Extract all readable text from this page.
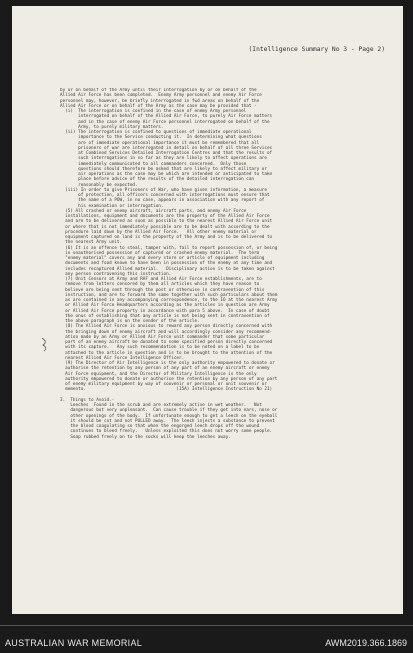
(Intelligence Summary No 3 - Page 2)
by or on behalf of the Army until their interrogation by or on behalf of the
Allied Air Force has been completed.  Enemy Army personnel and enemy Air Force
personnel may, however, be briefly interrogated in fwd areas on behalf of the
Allied Air Force or on behalf of the Army as the case may be provided that -
(i)  The interrogation is confined in the case of enemy Army personnel
interrogated on behalf of the Allied Air Force, to purely Air Force matters
and in the case of enemy Air Force personnel interrogated on behalf of the
Army, to purely military matters.
(ii) The interrogation is confined to questions of immediate operational
importance to the Service conducting it.  In determining what questions
are of immediate operational importance it must be remembered that all
prisoners of war are interrogated in detail on behalf of all three Services
at Combined Services Detailed Interrogation Centres and that the results of
such interrogations in so far as they are likely to affect operations are
immediately communicated to all commanders concerned.  Only those
questions should therefore be asked that are likely to affect military or
air operations as the case may be which are intended or anticipated to take
place before advice of the results of the detailed interrogation can
reasonably be expected.
(iii) In order to give Prisoners of War, who have given information, a measure
of protection, all officers concerned with interrogations must ensure that
the name of a POW, in no case, appears in association with any report of
his examination or interrogation.
(5) All crashed or enemy aircraft, aircraft parts, and enemy Air Force
installations, equipment and documents are the property of the Allied Air Force
and are to be delivered as soon as possible to the nearest Allied Air Force unit
or where that is not immediately possible are to be dealt with according to the
procedure laid down by the Allied Air Force.   All other enemy material or
equipment captured on land is the property of the Army and is to be delivered to
the nearest Army unit.
(6) It is an offence to steal, tamper with, fail to report possession of, or being
in unauthorised possession of captured or crashed enemy material.  The term
"enemy material" covers any and every store or article of equipment including
documents and food known to have been in possession of the enemy at any time and
includes recaptured Allied material.   Disciplinary action is to be taken against
any person contravening this instruction.
(7) Unit Censors at Army and RAF and Allied Air Force establishments, are to
remove from letters censored by them all articles which they have reason to
believe are being sent through the post or otherwise in contravention of this
instruction, and are to forward the same together with such particulars about them
as are contained in any accompanying correspondence, to the IO at the nearest Army
or Allied Air Force Headquarters according as the articles in question are Army
or Allied Air Force property in accordance with para 5 above.  In case of doubt
the onus of establishing that any article is not being sent in contravention of
the above paragraph is on the sender of the article.
(8) The Allied Air Force is anxious to reward any person directly concerned with
the bringing down of enemy aircraft and will accordingly consider any recommend-
ation made by an Army or Allied Air Force unit commander that some particular
part of an enemy aircraft be donated to some specified person directly concerned
with its capture.   Any such recommendation is to be noted on a label to be
attached to the article in question and is to be brought to the attention of the
nearest Allied Air Force Intelligence Officer.
(9) The Director of Air Intelligence is the only authority empowered to donate or
authorise the retention by any person of any part of an enemy aircraft or enemy
Air Force equipment, and the Director of Military Intelligence is the only
authority empowered to donate or authorise the retention by any person of any part
of enemy military equipment by way of souvenir or personal or unit souvenir or
memento.                                   (15A) Intelligence Instruction No 21)
3.  Things to Avoid.-
Leeches  Found in the scrub and are extremely active in wet weather.   Not
dangerous but very unpleasant.  Can cause trouble if they get into ears, nose or
other openings of the body.  If unfortunate enough to get a leech on the eyeball
it should be cut and not PULLED away.  The leech injects a substance to prevent
the blood coagulating so that when the engorged leech drops off the wound
continues to bleed freely.   Unless exploited this does not worry some people.
Soap rubbed freely on to the socks will keep the leeches away.
AUSTRALIAN WAR MEMORIAL	AWM2019.366.1869
